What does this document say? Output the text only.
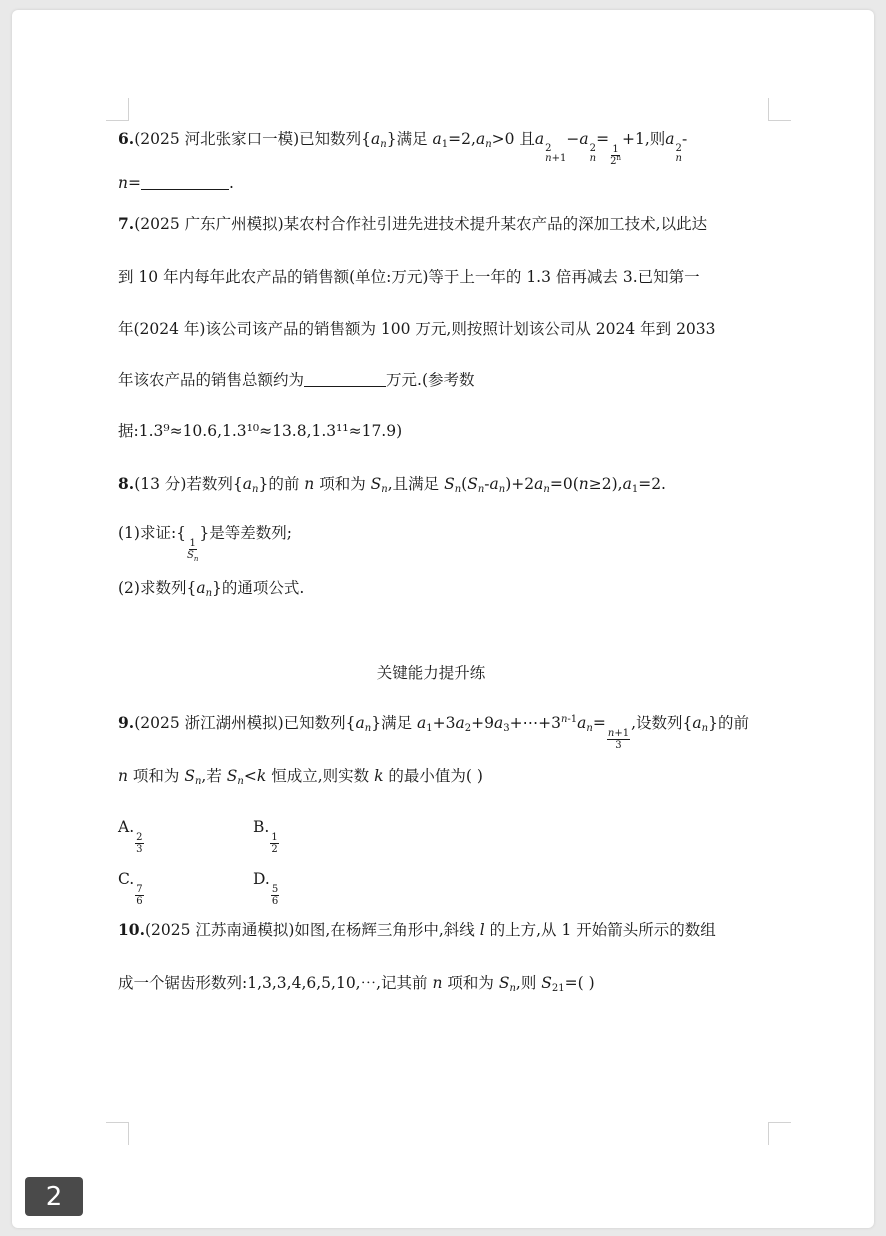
6.(2025 河北张家口一模)已知数列$\{a_n\}$满足 $a_1=2,a_n>0$ 且a
2
n+1
−a
2
n
=
$\frac{1}{2^n}$
+1,则a
2
n
-
n=	.
7.(2025 广东广州模拟)某农村合作社引进先进技术提升某农产品的深加工技术,以此达
到 10 年内每年此农产品的销售额(单位:万元)等于上一年的 1.3 倍再减去 3.已知第一
年(2024 年)该公司该产品的销售额为 100 万元,则按照计划该公司从 2024 年到 2033
年该农产品的销售总额约为	万元.(参考数
据:1.3⁹≈10.6,1.3¹⁰≈13.8,1.3¹¹≈17.9)
8.(13 分)若数列$\{a_n\}$的前 n 项和为 $S_n$,且满足 $S_n(S_n-a_n)+2a_n=0(n\ge 2),a_1=2$.
(1)求证:{
$\frac{1}{S_n}$
}是等差数列;
(2)求数列$\{a_n\}$的通项公式.
关键能力提升练
9.(2025 浙江湖州模拟)已知数列$\{a_n\}$满足 $a_1+3a_2+9a_3+\cdots+3^{n-1}a_n=$
$\frac{n+1}{3}$
,设数列$\{a_n\}$的前
n 项和为 $S_n$,若 $S_n<k$ 恒成立,则实数 k 的最小值为( )
A.
$\frac{2}{3}$
B.
$\frac{1}{2}$
C.
$\frac{7}{6}$
D.
$\frac{5}{6}$
10.(2025 江苏南通模拟)如图,在杨辉三角形中,斜线 l 的上方,从 1 开始箭头所示的数组
成一个锯齿形数列:1,3,3,4,6,5,10,⋯,记其前 n 项和为 $S_n$,则 $S_{21}=$( )
2
